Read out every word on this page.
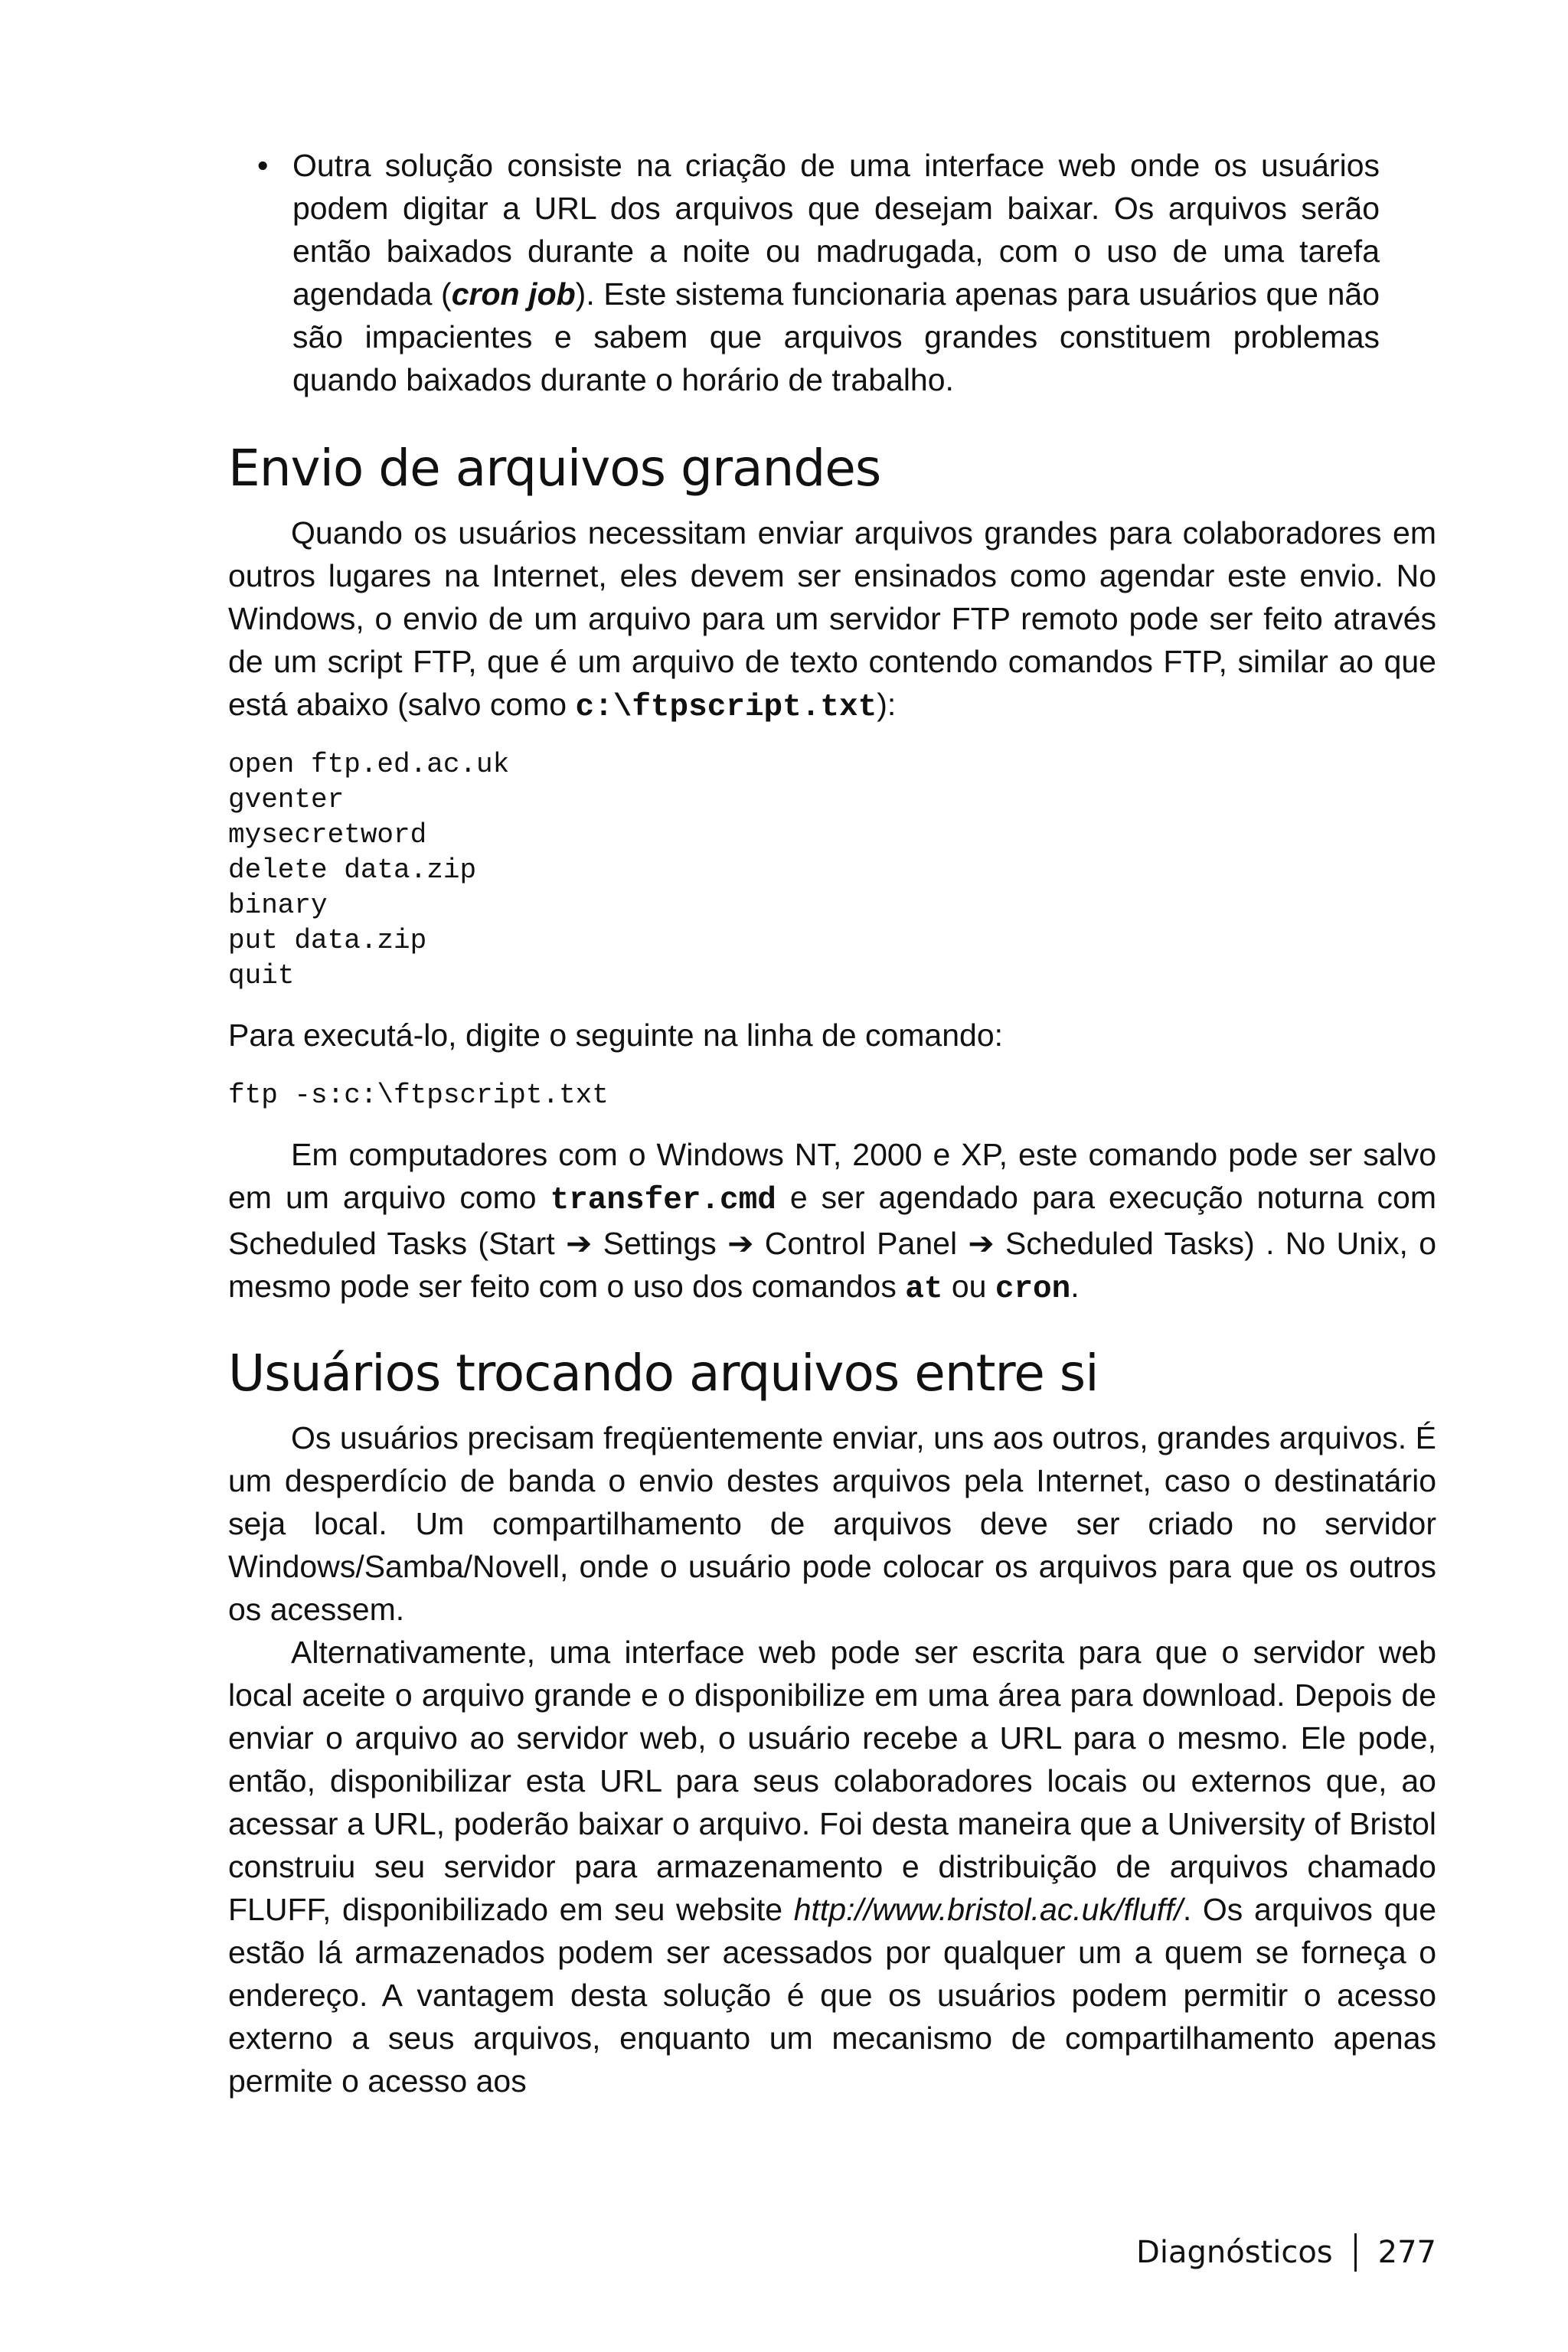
• Outra solução consiste na criação de uma interface web onde os usuários podem digitar a URL dos arquivos que desejam baixar. Os arquivos serão então baixados durante a noite ou madrugada, com o uso de uma tarefa agendada (cron job). Este sistema funcionaria apenas para usuários que não são impacientes e sabem que arquivos grandes constituem problemas quando baixados durante o horário de trabalho.

Envio de arquivos grandes

Quando os usuários necessitam enviar arquivos grandes para colaboradores em outros lugares na Internet, eles devem ser ensinados como agendar este envio. No Windows, o envio de um arquivo para um servidor FTP remoto pode ser feito através de um script FTP, que é um arquivo de texto contendo comandos FTP, similar ao que está abaixo (salvo como c:\ftpscript.txt):

open ftp.ed.ac.uk
gventer
mysecretword
delete data.zip
binary
put data.zip
quit

Para executá-lo, digite o seguinte na linha de comando:

ftp -s:c:\ftpscript.txt

Em computadores com o Windows NT, 2000 e XP, este comando pode ser salvo em um arquivo como transfer.cmd e ser agendado para execução noturna com Scheduled Tasks (Start ➔ Settings ➔ Control Panel ➔ Scheduled Tasks) . No Unix, o mesmo pode ser feito com o uso dos comandos at ou cron.

Usuários trocando arquivos entre si

Os usuários precisam freqüentemente enviar, uns aos outros, grandes arquivos. É um desperdício de banda o envio destes arquivos pela Internet, caso o destinatário seja local. Um compartilhamento de arquivos deve ser criado no servidor Windows/Samba/Novell, onde o usuário pode colocar os arquivos para que os outros os acessem.

Alternativamente, uma interface web pode ser escrita para que o servidor web local aceite o arquivo grande e o disponibilize em uma área para download. Depois de enviar o arquivo ao servidor web, o usuário recebe a URL para o mesmo. Ele pode, então, disponibilizar esta URL para seus colaboradores locais ou externos que, ao acessar a URL, poderão baixar o arquivo. Foi desta maneira que a University of Bristol construiu seu servidor para armazenamento e distribuição de arquivos chamado FLUFF, disponibilizado em seu website http://www.bristol.ac.uk/fluff/. Os arquivos que estão lá armazenados podem ser acessados por qualquer um a quem se forneça o endereço. A vantagem desta solução é que os usuários podem permitir o acesso externo a seus arquivos, enquanto um mecanismo de compartilhamento apenas permite o acesso aos

Diagnósticos 277
